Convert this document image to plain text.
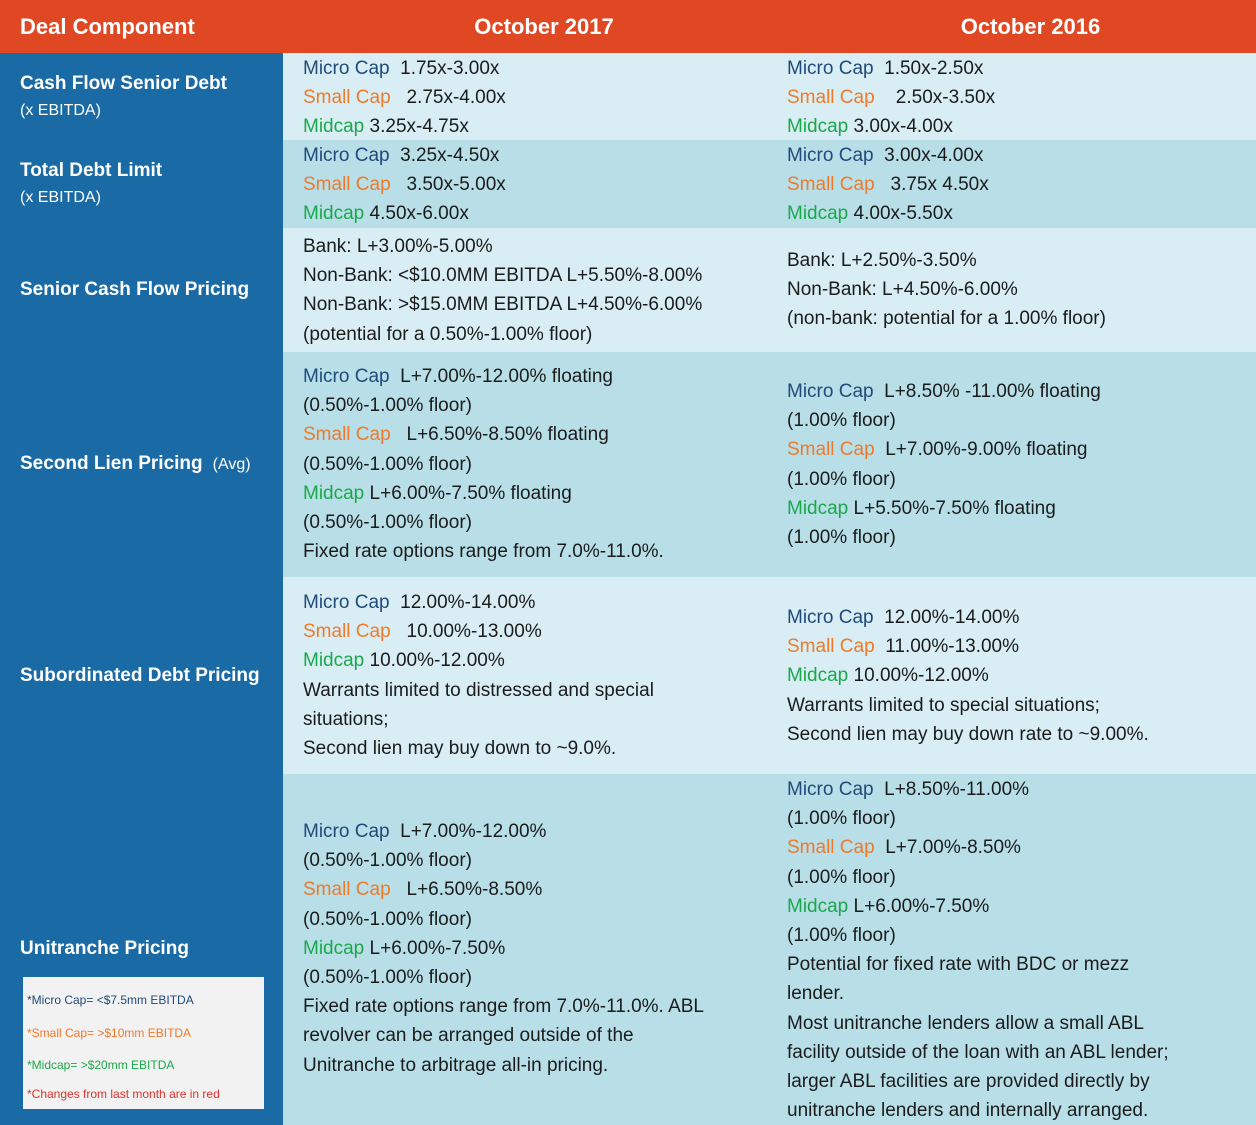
Deal Component	October 2017	October 2016
Cash Flow Senior Debt
(x EBITDA)
Total Debt Limit
(x EBITDA)
Senior Cash Flow Pricing
Second Lien Pricing (Avg)
Subordinated Debt Pricing
Unitranche Pricing
Micro Cap 1.75x-3.00x
Small Cap 2.75x-4.00x
Midcap 3.25x-4.75x
Micro Cap 1.50x-2.50x
Small Cap 2.50x-3.50x
Midcap 3.00x-4.00x
Micro Cap 3.25x-4.50x
Small Cap 3.50x-5.00x
Midcap 4.50x-6.00x
Micro Cap 3.00x-4.00x
Small Cap 3.75x 4.50x
Midcap 4.00x-5.50x
Bank: L+3.00%-5.00%
Non-Bank: <$10.0MM EBITDA L+5.50%-8.00%
Non-Bank: >$15.0MM EBITDA L+4.50%-6.00%
(potential for a 0.50%-1.00% floor)
Bank: L+2.50%-3.50%
Non-Bank: L+4.50%-6.00%
(non-bank: potential for a 1.00% floor)
Micro Cap L+7.00%-12.00% floating
(0.50%-1.00% floor)
Small Cap L+6.50%-8.50% floating
(0.50%-1.00% floor)
Midcap L+6.00%-7.50% floating
(0.50%-1.00% floor)
Fixed rate options range from 7.0%-11.0%.
Micro Cap L+8.50% -11.00% floating
(1.00% floor)
Small Cap L+7.00%-9.00% floating
(1.00% floor)
Midcap L+5.50%-7.50% floating
(1.00% floor)
Micro Cap 12.00%-14.00%
Small Cap 10.00%-13.00%
Midcap 10.00%-12.00%
Warrants limited to distressed and special
situations;
Second lien may buy down to ~9.0%.
Micro Cap 12.00%-14.00%
Small Cap 11.00%-13.00%
Midcap 10.00%-12.00%
Warrants limited to special situations;
Second lien may buy down rate to ~9.00%.
Micro Cap L+7.00%-12.00%
(0.50%-1.00% floor)
Small Cap L+6.50%-8.50%
(0.50%-1.00% floor)
Midcap L+6.00%-7.50%
(0.50%-1.00% floor)
Fixed rate options range from 7.0%-11.0%. ABL
revolver can be arranged outside of the
Unitranche to arbitrage all-in pricing.
Micro Cap L+8.50%-11.00%
(1.00% floor)
Small Cap L+7.00%-8.50%
(1.00% floor)
Midcap L+6.00%-7.50%
(1.00% floor)
Potential for fixed rate with BDC or mezz
lender.
Most unitranche lenders allow a small ABL
facility outside of the loan with an ABL lender;
larger ABL facilities are provided directly by
unitranche lenders and internally arranged.
*Micro Cap= <$7.5mm EBITDA
*Small Cap= >$10mm EBITDA
*Midcap= >$20mm EBITDA
*Changes from last month are in red
